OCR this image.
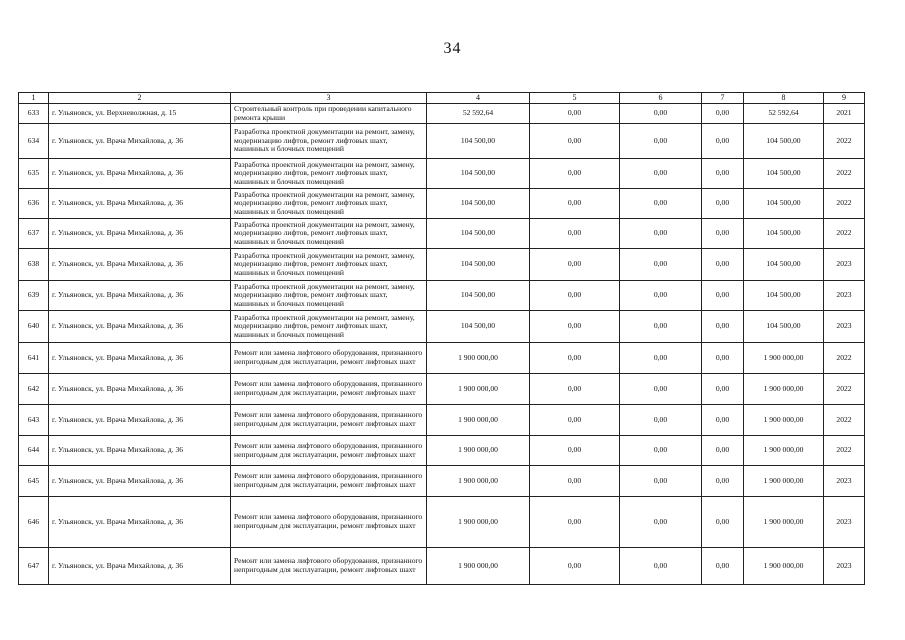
34
1	2	3	4	5	6	7	8	9
633	г. Ульяновск, ул. Верхневолжная, д. 15	Строительный контроль при проведении капитального ремонта крыши	52 592,64	0,00	0,00	0,00	52 592,64	2021
634	г. Ульяновск, ул. Врача Михайлова, д. 36	Разработка проектной документации на ремонт, замену, модернизацию лифтов, ремонт лифтовых шахт, машинных и блочных помещений	104 500,00	0,00	0,00	0,00	104 500,00	2022
635	г. Ульяновск, ул. Врача Михайлова, д. 36	Разработка проектной документации на ремонт, замену, модернизацию лифтов, ремонт лифтовых шахт, машинных и блочных помещений	104 500,00	0,00	0,00	0,00	104 500,00	2022
636	г. Ульяновск, ул. Врача Михайлова, д. 36	Разработка проектной документации на ремонт, замену, модернизацию лифтов, ремонт лифтовых шахт, машинных и блочных помещений	104 500,00	0,00	0,00	0,00	104 500,00	2022
637	г. Ульяновск, ул. Врача Михайлова, д. 36	Разработка проектной документации на ремонт, замену, модернизацию лифтов, ремонт лифтовых шахт, машинных и блочных помещений	104 500,00	0,00	0,00	0,00	104 500,00	2022
638	г. Ульяновск, ул. Врача Михайлова, д. 36	Разработка проектной документации на ремонт, замену, модернизацию лифтов, ремонт лифтовых шахт, машинных и блочных помещений	104 500,00	0,00	0,00	0,00	104 500,00	2023
639	г. Ульяновск, ул. Врача Михайлова, д. 36	Разработка проектной документации на ремонт, замену, модернизацию лифтов, ремонт лифтовых шахт, машинных и блочных помещений	104 500,00	0,00	0,00	0,00	104 500,00	2023
640	г. Ульяновск, ул. Врача Михайлова, д. 36	Разработка проектной документации на ремонт, замену, модернизацию лифтов, ремонт лифтовых шахт, машинных и блочных помещений	104 500,00	0,00	0,00	0,00	104 500,00	2023
641	г. Ульяновск, ул. Врача Михайлова, д. 36	Ремонт или замена лифтового оборудования, признанного непригодным для эксплуатации, ремонт лифтовых шахт	1 900 000,00	0,00	0,00	0,00	1 900 000,00	2022
642	г. Ульяновск, ул. Врача Михайлова, д. 36	Ремонт или замена лифтового оборудования, признанного непригодным для эксплуатации, ремонт лифтовых шахт	1 900 000,00	0,00	0,00	0,00	1 900 000,00	2022
643	г. Ульяновск, ул. Врача Михайлова, д. 36	Ремонт или замена лифтового оборудования, признанного непригодным для эксплуатации, ремонт лифтовых шахт	1 900 000,00	0,00	0,00	0,00	1 900 000,00	2022
644	г. Ульяновск, ул. Врача Михайлова, д. 36	Ремонт или замена лифтового оборудования, признанного непригодным для эксплуатации, ремонт лифтовых шахт	1 900 000,00	0,00	0,00	0,00	1 900 000,00	2022
645	г. Ульяновск, ул. Врача Михайлова, д. 36	Ремонт или замена лифтового оборудования, признанного непригодным для эксплуатации, ремонт лифтовых шахт	1 900 000,00	0,00	0,00	0,00	1 900 000,00	2023
646	г. Ульяновск, ул. Врача Михайлова, д. 36	Ремонт или замена лифтового оборудования, признанного непригодным для эксплуатации, ремонт лифтовых шахт	1 900 000,00	0,00	0,00	0,00	1 900 000,00	2023
647	г. Ульяновск, ул. Врача Михайлова, д. 36	Ремонт или замена лифтового оборудования, признанного непригодным для эксплуатации, ремонт лифтовых шахт	1 900 000,00	0,00	0,00	0,00	1 900 000,00	2023
